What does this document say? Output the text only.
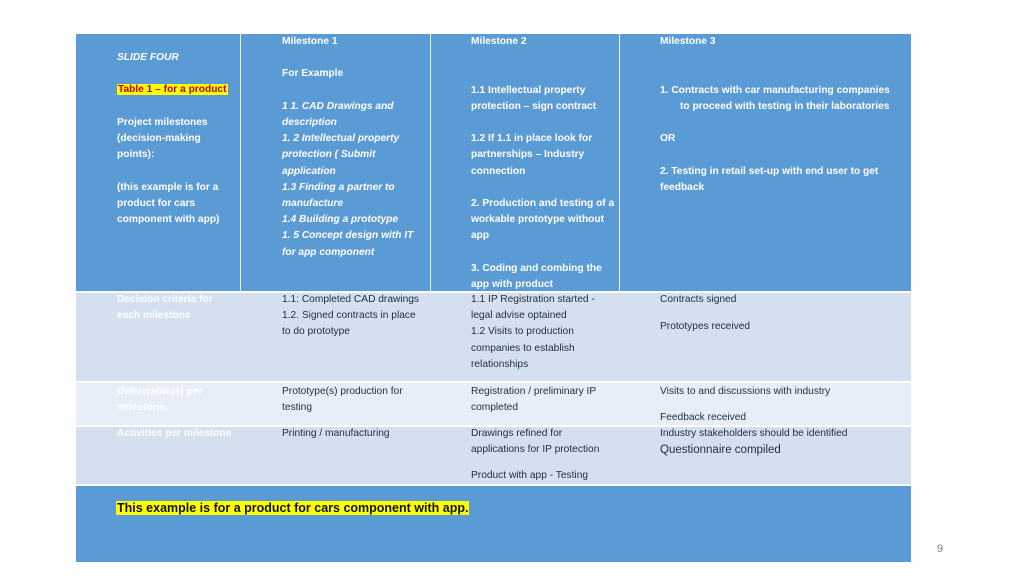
SLIDE FOUR
Table 1 – for a product
Project milestones
(decision-making
points):
(this example is for a
product for cars
component with app)
Milestone 1
For Example
1 1. CAD Drawings and
description
1. 2 Intellectual property
protection ( Submit
application
1.3 Finding a partner to
manufacture
1.4 Building a prototype
1. 5 Concept design with IT
for app component
Milestone 2
1.1 Intellectual property
protection – sign contract
1.2 If 1.1 in place look for
partnerships – Industry
connection
2. Production and testing of a
workable prototype without
app
3. Coding and combing the
app with product
Milestone 3
1. Contracts with car manufacturing companies
to proceed with testing in their laboratories
OR
2. Testing in retail set-up with end user to get
feedback
Decision criteria for
each milestone
1.1: Completed CAD drawings
1.2. Signed contracts in place
to do prototype
1.1 IP Registration started -
legal advise optained
1.2 Visits to production
companies to establish
relationships
Contracts signed
Prototypes received
Deliverable(s) per
milestone.
Prototype(s) production for
testing
Registration / preliminary IP
completed
Visits to and discussions with industry
Feedback received
Activities per milestone	Printing / manufacturing	Drawings refined for
applications for IP protection
Product with app - Testing
Industry stakeholders should be identified
Questionnaire compiled
This example is for a product for cars component with app.
9
